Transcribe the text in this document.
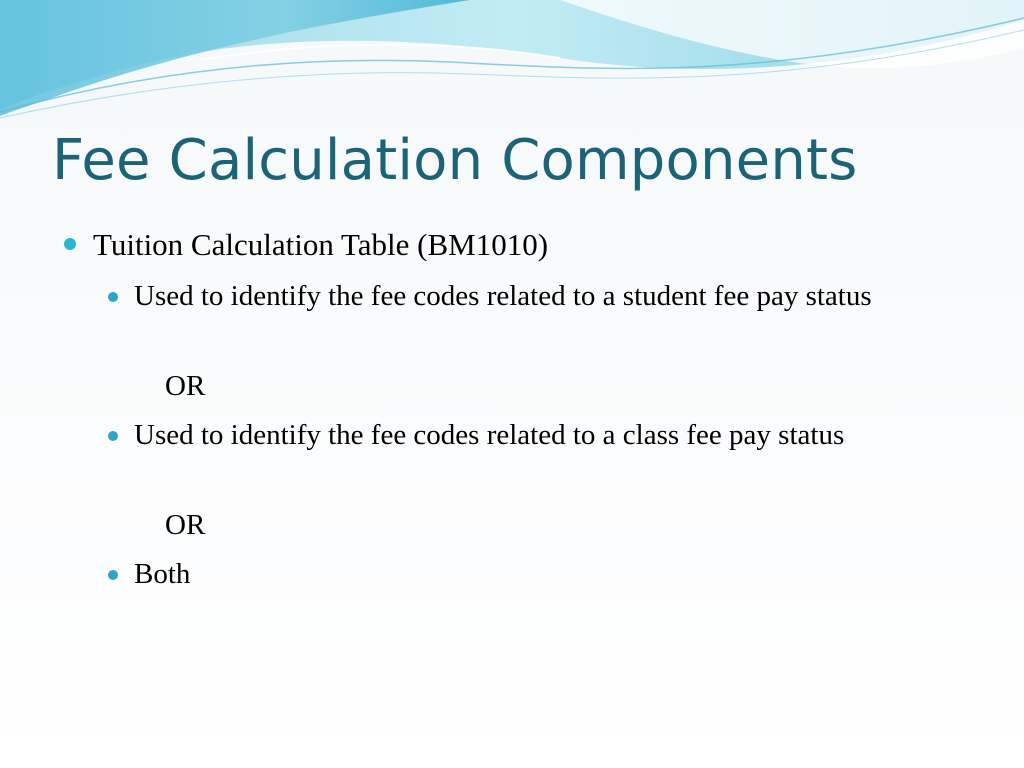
Fee Calculation Components

Tuition Calculation Table (BM1010)

Used to identify the fee codes related to a student fee pay status

OR

Used to identify the fee codes related to a class fee pay status

OR

Both
